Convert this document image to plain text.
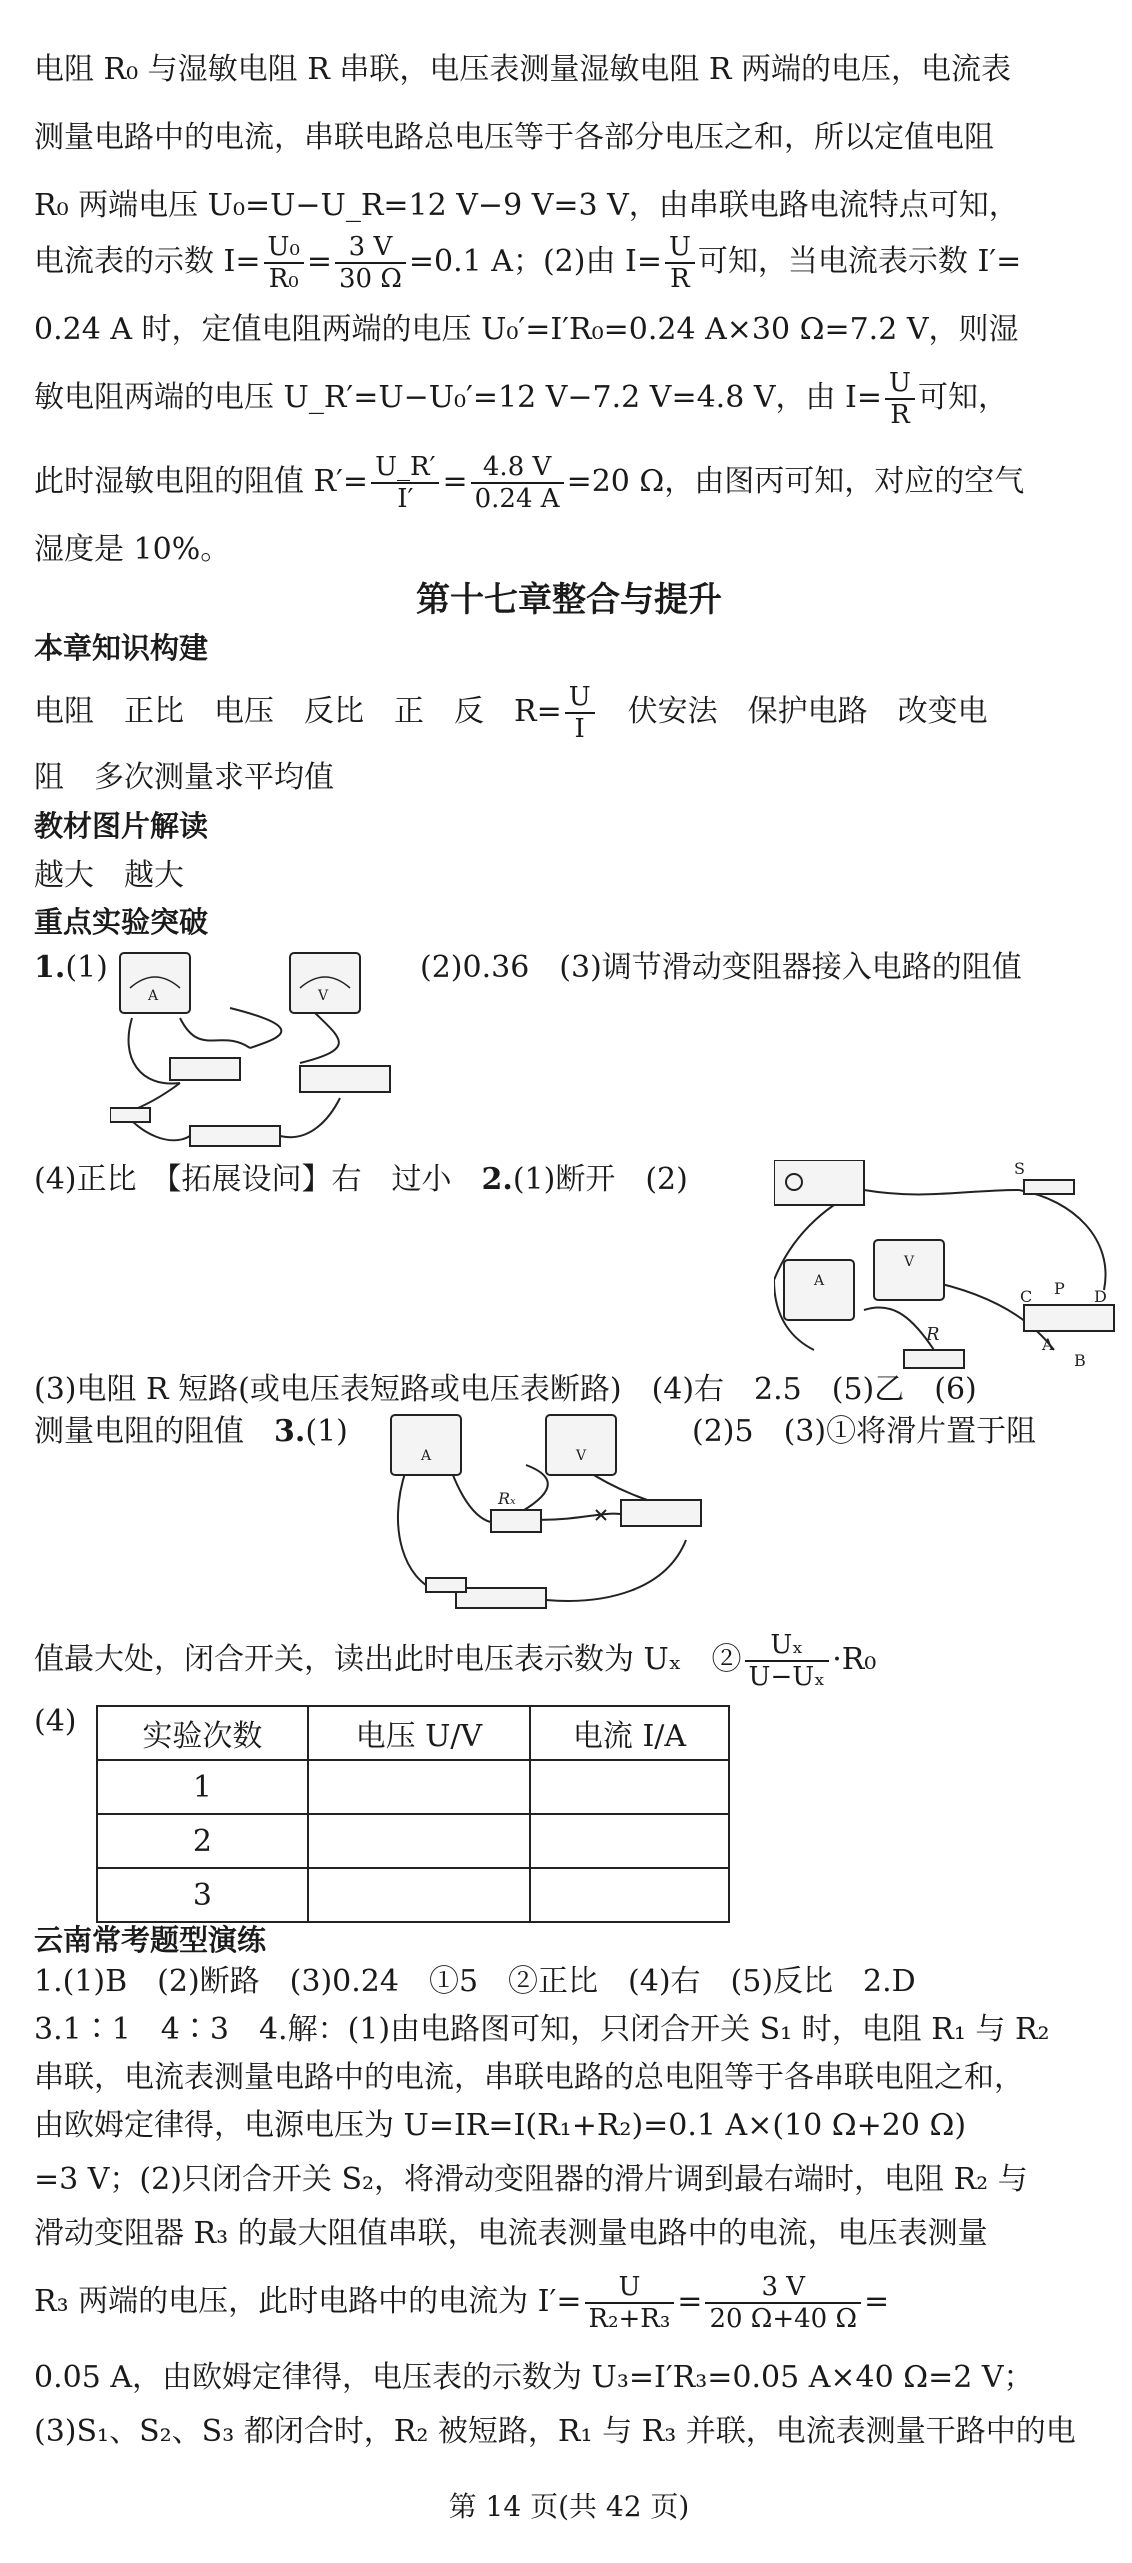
电阻 R₀ 与湿敏电阻 R 串联，电压表测量湿敏电阻 R 两端的电压，电流表

测量电路中的电流，串联电路总电压等于各部分电压之和，所以定值电阻

R₀ 两端电压 U₀=U−U_R=12 V−9 V=3 V，由串联电路电流特点可知，

电流表的示数 $I= \frac{\text{U₀}}{\text{R₀}} = \frac{3 V}{30 \Omega} =0.1$ A；(2)由 $I= \frac{U}{R}$ 可知，当电流表示数 I′=

0.24 A 时，定值电阻两端的电压 U₀′=I′R₀=0.24 A×30 Ω=7.2 V，则湿

敏电阻两端的电压 U_R′=U−U₀′=12 V−7.2 V=4.8 V，由 $I= \frac{U}{R}$ 可知，

此时湿敏电阻的阻值 $R'= \frac{U\_R'}{I'} = \frac{4.8 V}{0.24 A} =20$ Ω，由图丙可知，对应的空气

湿度是 10%。

第十七章整合与提升

本章知识构建

电阻　正比　电压　反比　正　反　$R= \frac{U}{I}$ 　伏安法　保护电路　改变电

阻　多次测量求平均值

教材图片解读

越大　越大

重点实验突破

1.(1)	(2)0.36　(3)调节滑动变阻器接入电路的阻值

A	V

(4)正比　【拓展设问】右　过小　 2.(1)断开　(2)

A
V
R
S
C P D
A
B

(3)电阻 R 短路(或电压表短路或电压表断路)　(4)右　2.5　(5)乙　(6)

测量电阻的阻值　 3.(1)	(2)5　(3)①将滑片置于阻

A	V
Rₓ

值最大处，闭合开关，读出此时电压表示数为 Uₓ　② $\frac{\text{Uₓ}}{\text{U−Uₓ}} \cdot R_0$

(4) 实验次数	电压 U/V	电流 I/A
1		
2		
3		

云南常考题型演练

1.(1)B　(2)断路　(3)0.24　①5　②正比　(4)右　(5)反比　2.D

3.1∶1　4∶3　4.解：(1)由电路图可知，只闭合开关 S₁ 时，电阻 R₁ 与 R₂

串联，电流表测量电路中的电流，串联电路的总电阻等于各串联电阻之和，

由欧姆定律得，电源电压为 U=IR=I(R₁+R₂)=0.1 A×(10 Ω+20 Ω)

=3 V；(2)只闭合开关 S₂，将滑动变阻器的滑片调到最右端时，电阻 R₂ 与

滑动变阻器 R₃ 的最大阻值串联，电流表测量电路中的电流，电压表测量

R₃ 两端的电压，此时电路中的电流为 $I'= \frac{U}{\text{R₂+R₃}} = \frac{3 V}{20 \Omega+40 \Omega}$ =

0.05 A，由欧姆定律得，电压表的示数为 U₃=I′R₃=0.05 A×40 Ω=2 V；

(3)S₁、S₂、S₃ 都闭合时，R₂ 被短路，R₁ 与 R₃ 并联，电流表测量干路中的电

第 14 页(共 42 页)
